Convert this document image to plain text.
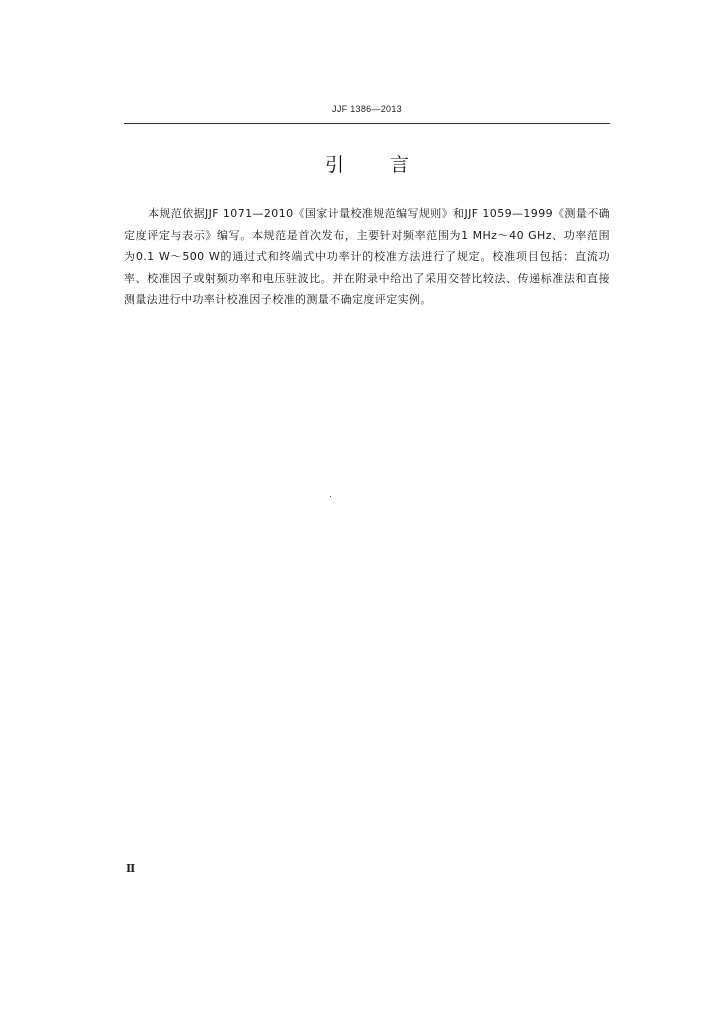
JJF 1386—2013
引 言

本规范依据JJF 1071—2010《国家计量校准规范编写规则》和JJF 1059—1999《测量不确定度评定与表示》编写。本规范是首次发布，主要针对频率范围为1 MHz～40 GHz、功率范围为0.1 W～500 W的通过式和终端式中功率计的校准方法进行了规定。校准项目包括：直流功率、校准因子或射频功率和电压驻波比。并在附录中给出了采用交替比较法、传递标准法和直接测量法进行中功率计校准因子校准的测量不确定度评定实例。

Ⅱ
